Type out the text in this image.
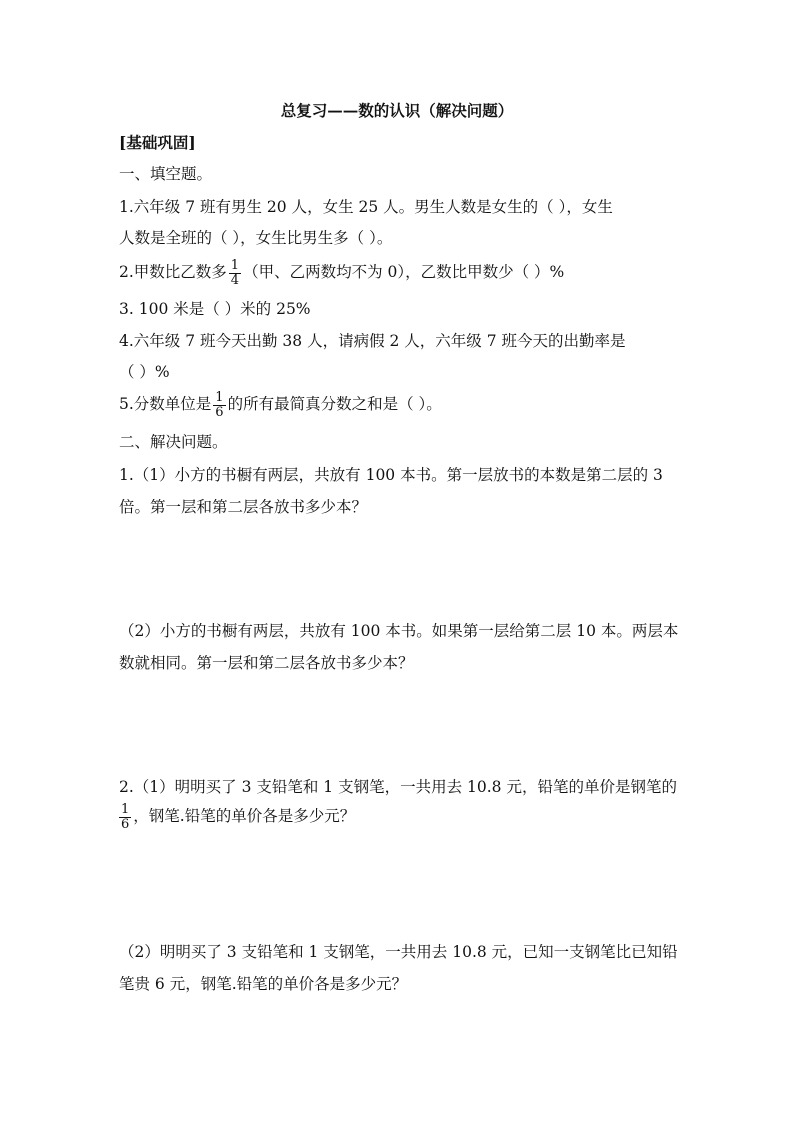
总复习——数的认识（解决问题）
[基础巩固]
一、填空题。
1.六年级 7 班有男生 20 人，女生 25 人。男生人数是女生的（ ），女生
人数是全班的（ ），女生比男生多（ ）。
2.甲数比乙数多 $\frac{1}{4}$ （甲、乙两数均不为 0），乙数比甲数少（ ）%
3. 100 米是（ ）米的 25%
4.六年级 7 班今天出勤 38 人，请病假 2 人，六年级 7 班今天的出勤率是
（ ）%
5.分数单位是 $\frac{1}{6}$ 的所有最简真分数之和是（ ）。
二、解决问题。
1.（1）小方的书橱有两层，共放有 100 本书。第一层放书的本数是第二层的 3
倍。第一层和第二层各放书多少本？
（2）小方的书橱有两层，共放有 100 本书。如果第一层给第二层 10 本。两层本
数就相同。第一层和第二层各放书多少本？
2.（1）明明买了 3 支铅笔和 1 支钢笔，一共用去 10.8 元，铅笔的单价是钢笔的
$\frac{1}{6}$ ，钢笔.铅笔的单价各是多少元？
（2）明明买了 3 支铅笔和 1 支钢笔，一共用去 10.8 元，已知一支钢笔比已知铅
笔贵 6 元，钢笔.铅笔的单价各是多少元？
